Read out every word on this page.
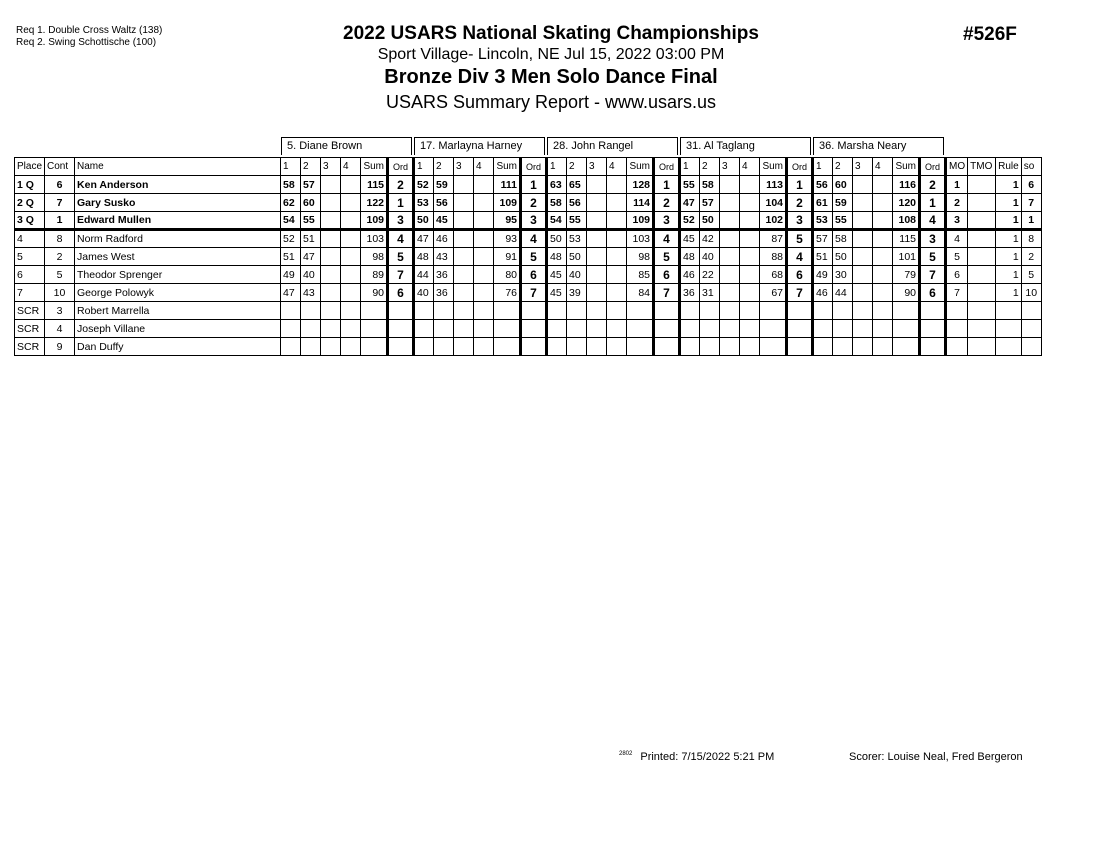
Req 1. Double Cross Waltz (138)
Req 2. Swing Schottische (100)	2022 USARS National Skating Championships
Sport Village- Lincoln, NE Jul 15, 2022 03:00 PM
Bronze Div 3 Men Solo Dance Final
USARS Summary Report - www.usars.us
#526F
5. Diane Brown	17. Marlayna Harney	28. John Rangel	31. Al Taglang	36. Marsha Neary
Place	Cont	Name	1	2	3	4	Sum	Ord	1	2	3	4	Sum	Ord	1	2	3	4	Sum	Ord	1	2	3	4	Sum	Ord	1	2	3	4	Sum	Ord	MO	TMO	Rule	so
1 Q	6	Ken Anderson	58	57			115	2	52	59			111	1	63	65			128	1	55	58			113	1	56	60			116	2	1		1	6
2 Q	7	Gary Susko	62	60			122	1	53	56			109	2	58	56			114	2	47	57			104	2	61	59			120	1	2		1	7
3 Q	1	Edward Mullen	54	55			109	3	50	45			95	3	54	55			109	3	52	50			102	3	53	55			108	4	3		1	1
4	8	Norm Radford	52	51			103	4	47	46			93	4	50	53			103	4	45	42			87	5	57	58			115	3	4		1	8
5	2	James West	51	47			98	5	48	43			91	5	48	50			98	5	48	40			88	4	51	50			101	5	5		1	2
6	5	Theodor Sprenger	49	40			89	7	44	36			80	6	45	40			85	6	46	22			68	6	49	30			79	7	6		1	5
7	10	George Polowyk	47	43			90	6	40	36			76	7	45	39			84	7	36	31			67	7	46	44			90	6	7		1	10
SCR	3	Robert Marrella																																		
SCR	4	Joseph Villane																																		
SCR	9	Dan Duffy																																		
$^{2802}$ Printed: 7/15/2022 5:21 PM	Scorer: Louise Neal, Fred Bergeron
